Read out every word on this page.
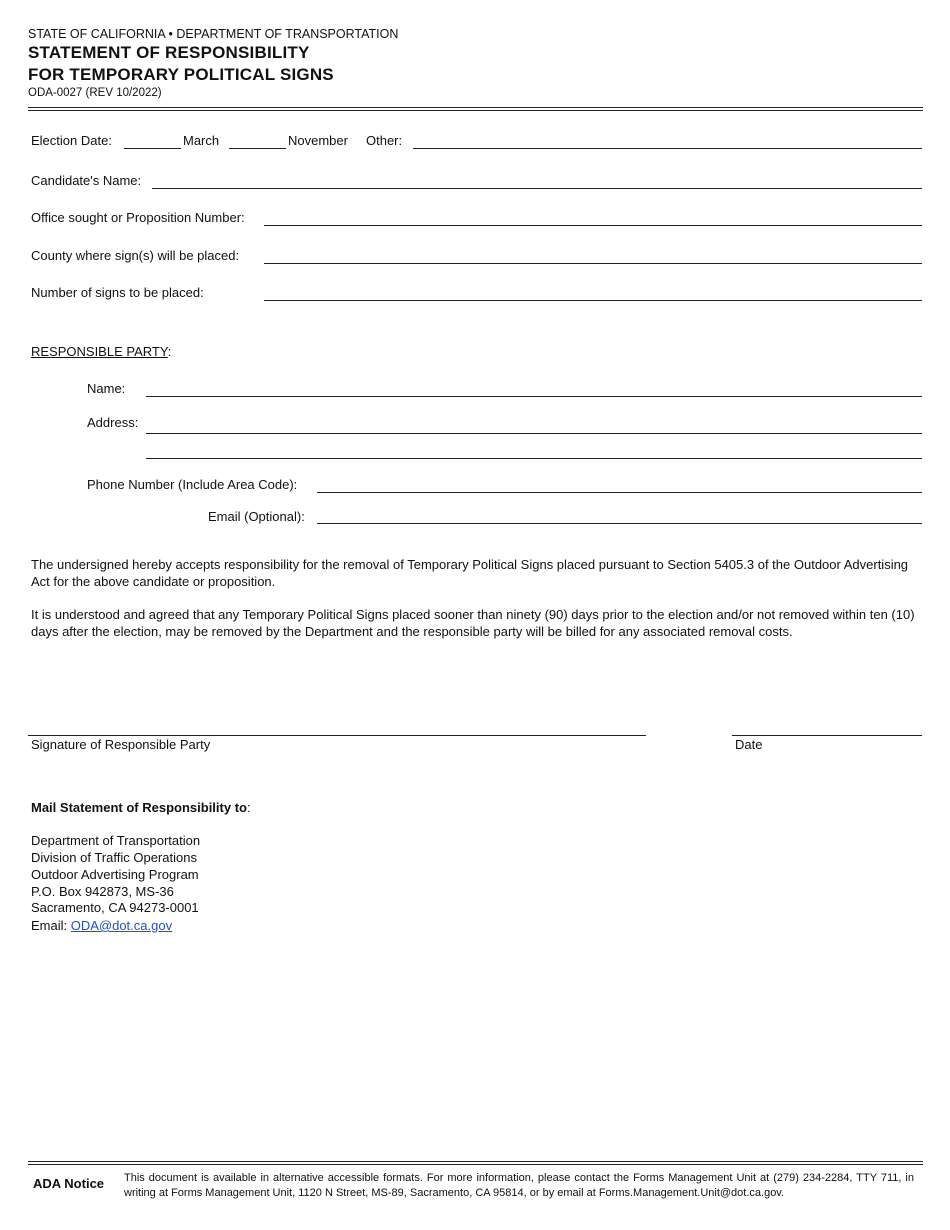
STATE OF CALIFORNIA • DEPARTMENT OF TRANSPORTATION
STATEMENT OF RESPONSIBILITY
FOR TEMPORARY POLITICAL SIGNS
ODA-0027 (REV 10/2022)
Election Date:	March	November Other:
Candidate's Name:
Office sought or Proposition Number:
County where sign(s) will be placed:
Number of signs to be placed:
RESPONSIBLE PARTY:
Name:
Address:
Phone Number (Include Area Code):
Email (Optional):
The undersigned hereby accepts responsibility for the removal of Temporary Political Signs placed pursuant to Section 5405.3 of the Outdoor Advertising Act for the above candidate or proposition.
It is understood and agreed that any Temporary Political Signs placed sooner than ninety (90) days prior to the election and/or not removed within ten (10) days after the election, may be removed by the Department and the responsible party will be billed for any associated removal costs.
Signature of Responsible Party	Date
Mail Statement of Responsibility to:
Department of Transportation
Division of Traffic Operations
Outdoor Advertising Program
P.O. Box 942873, MS-36
Sacramento, CA 94273-0001
Email: ODA@dot.ca.gov
ADA Notice This document is available in alternative accessible formats. For more information, please contact the Forms Management Unit at (279) 234-2284, TTY 711, in writing at Forms Management Unit, 1120 N Street, MS-89, Sacramento, CA 95814, or by email at Forms.Management.Unit@dot.ca.gov.
